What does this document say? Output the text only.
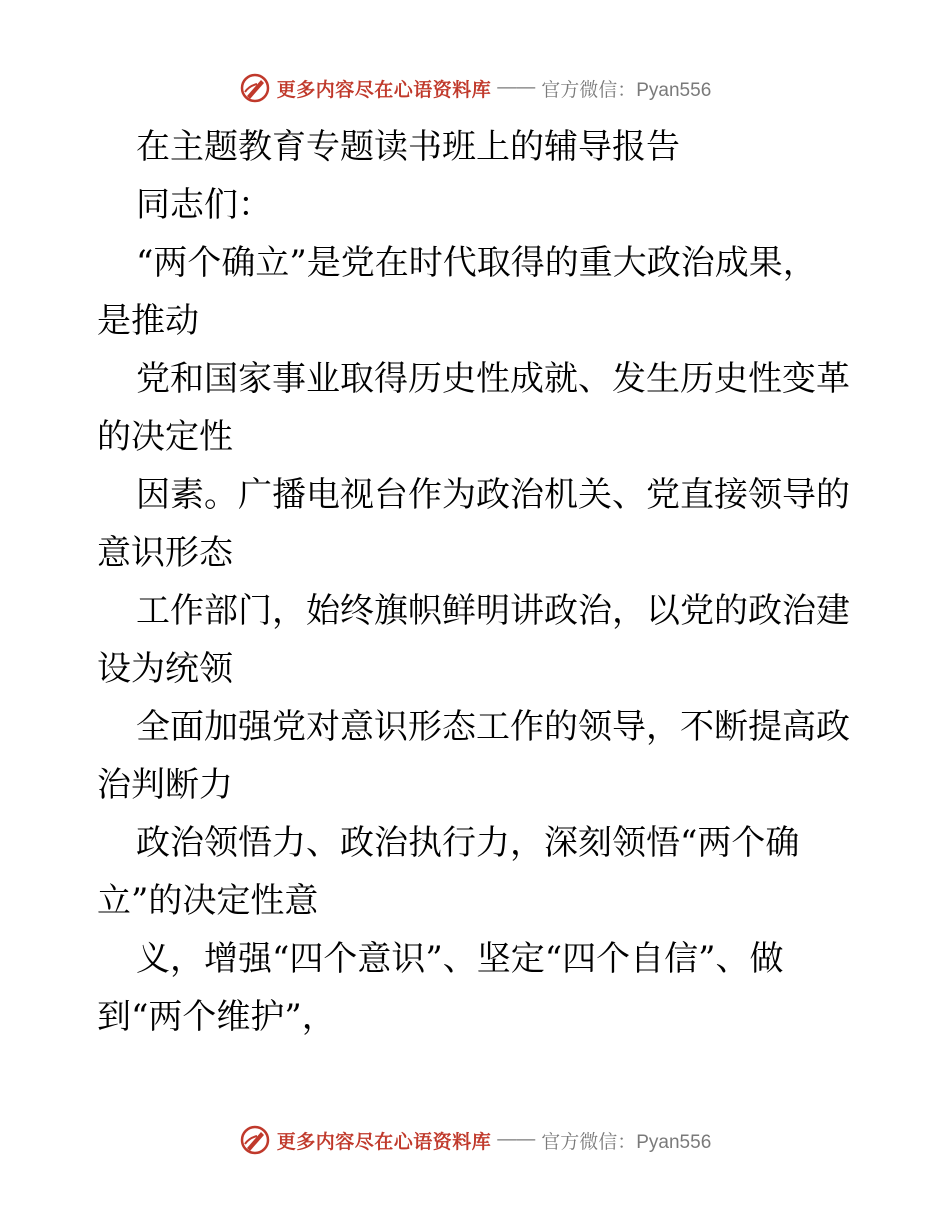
更多内容尽在心语资料库 —— 官方微信：Pyan556
在主题教育专题读书班上的辅导报告
同志们：
“两个确立”是党在时代取得的重大政治成果，
是推动
党和国家事业取得历史性成就、发生历史性变革
的决定性
因素。广播电视台作为政治机关、党直接领导的
意识形态
工作部门，始终旗帜鲜明讲政治，以党的政治建
设为统领
全面加强党对意识形态工作的领导，不断提高政
治判断力
政治领悟力、政治执行力，深刻领悟“两个确
立”的决定性意
义，增强“四个意识”、坚定“四个自信”、做
到“两个维护”，
更多内容尽在心语资料库 —— 官方微信：Pyan556
